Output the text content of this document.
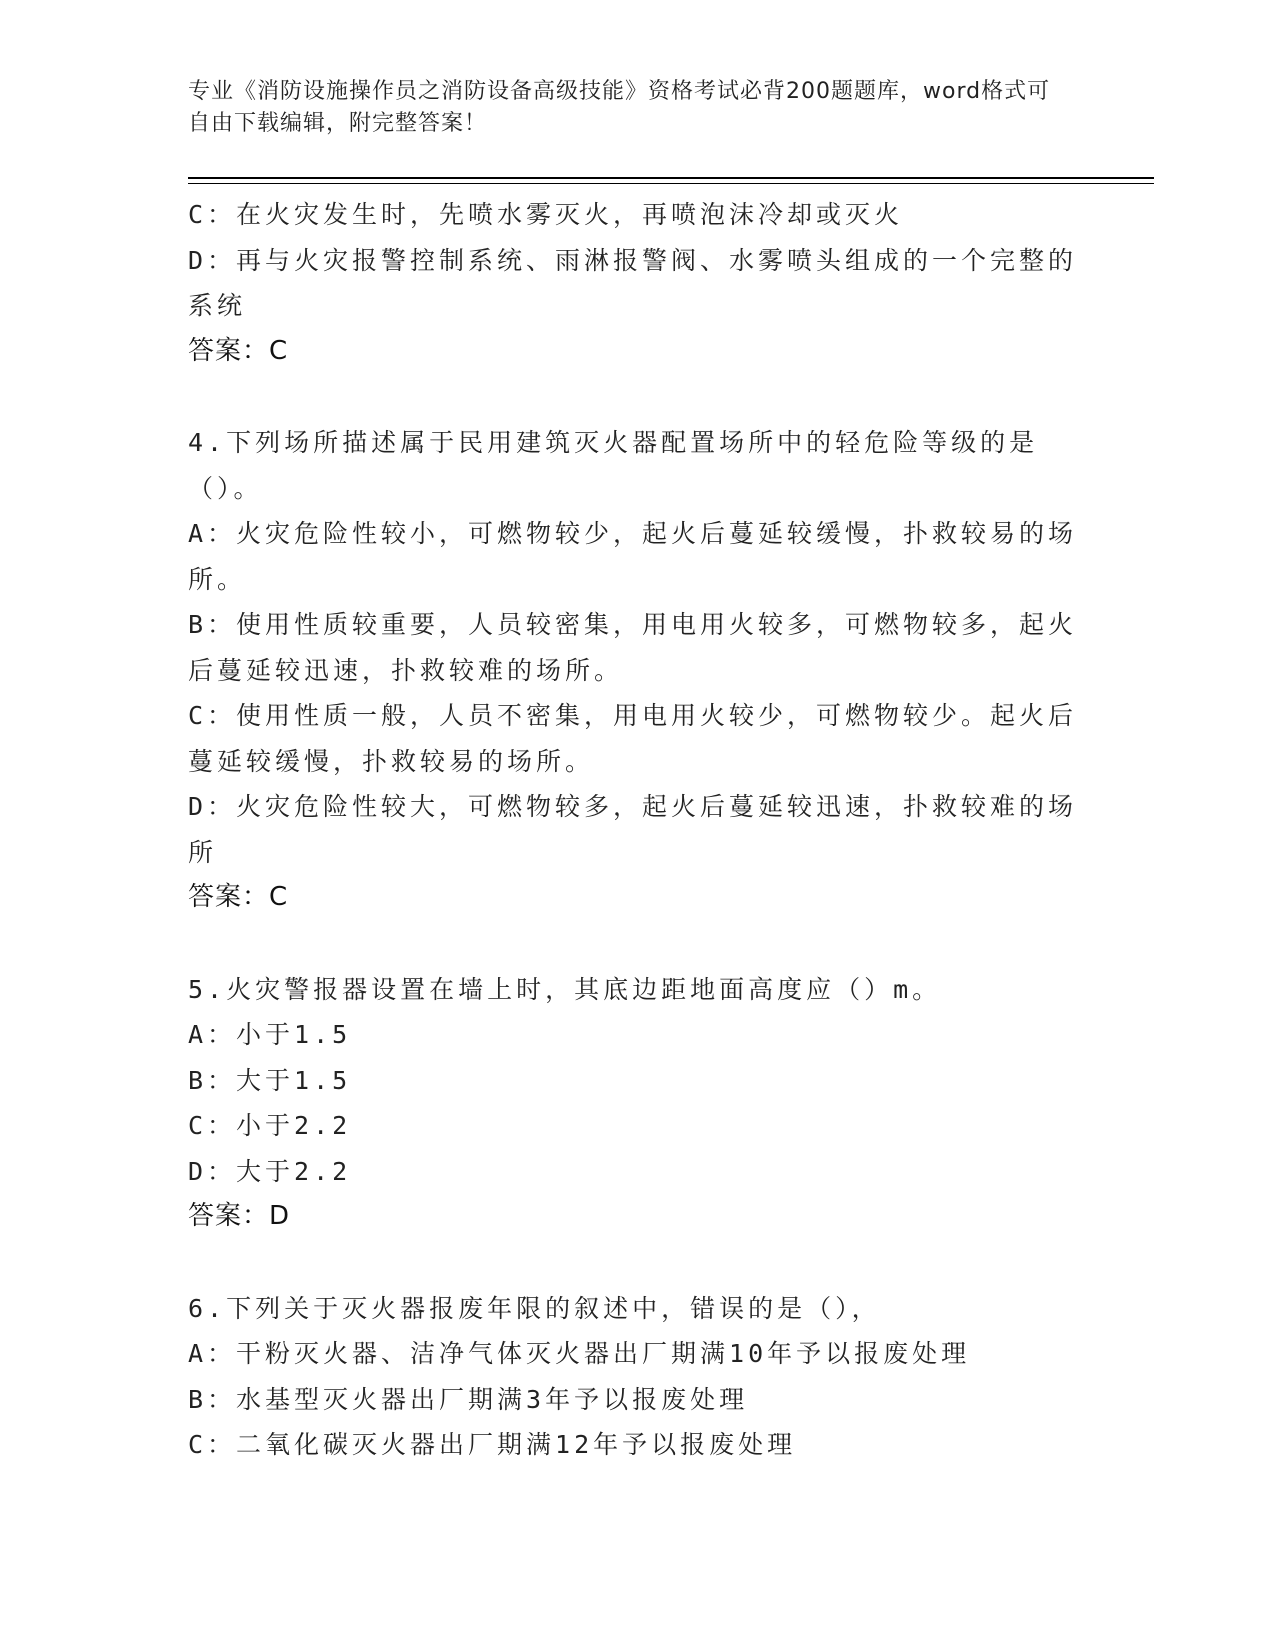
专业《消防设施操作员之消防设备高级技能》资格考试必背200题题库，word格式可自由下载编辑，附完整答案！
C：在火灾发生时，先喷水雾灭火，再喷泡沫冷却或灭火
D：再与火灾报警控制系统、雨淋报警阀、水雾喷头组成的一个完整的系统
答案：C
4.下列场所描述属于民用建筑灭火器配置场所中的轻危险等级的是（）。
A：火灾危险性较小，可燃物较少，起火后蔓延较缓慢，扑救较易的场所。
B：使用性质较重要，人员较密集，用电用火较多，可燃物较多，起火后蔓延较迅速，扑救较难的场所。
C：使用性质一般，人员不密集，用电用火较少，可燃物较少。起火后蔓延较缓慢，扑救较易的场所。
D：火灾危险性较大，可燃物较多，起火后蔓延较迅速，扑救较难的场所
答案：C
5.火灾警报器设置在墙上时，其底边距地面高度应（）m。
A：小于1.5
B：大于1.5
C：小于2.2
D：大于2.2
答案：D
6.下列关于灭火器报废年限的叙述中，错误的是（），
A：干粉灭火器、洁净气体灭火器出厂期满10年予以报废处理
B：水基型灭火器出厂期满3年予以报废处理
C：二氧化碳灭火器出厂期满12年予以报废处理
